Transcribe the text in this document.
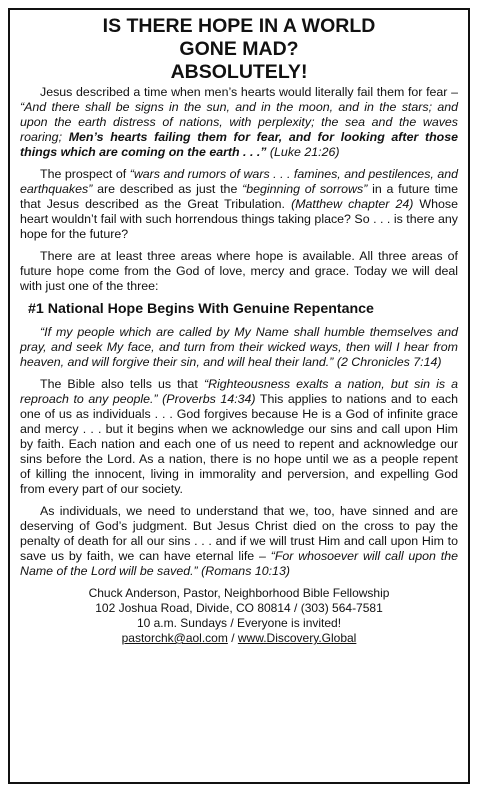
IS THERE HOPE IN A WORLD
GONE MAD?
ABSOLUTELY!

Jesus described a time when men’s hearts would literally fail them for fear – “And there shall be signs in the sun, and in the moon, and in the stars; and upon the earth distress of nations, with perplexity; the sea and the waves roaring; Men’s hearts failing them for fear, and for looking after those things which are coming on the earth . . .” (Luke 21:26)

The prospect of “wars and rumors of wars . . . famines, and pestilences, and earthquakes” are described as just the “beginning of sorrows” in a future time that Jesus described as the Great Tribulation. (Matthew chapter 24) Whose heart wouldn’t fail with such horrendous things taking place? So . . . is there any hope for the future?

There are at least three areas where hope is available. All three areas of future hope come from the God of love, mercy and grace. Today we will deal with just one of the three:

#1 National Hope Begins With Genuine Repentance

“If my people which are called by My Name shall humble themselves and pray, and seek My face, and turn from their wicked ways, then will I hear from heaven, and will forgive their sin, and will heal their land.” (2 Chronicles 7:14)

The Bible also tells us that “Righteousness exalts a nation, but sin is a reproach to any people.” (Proverbs 14:34) This applies to nations and to each one of us as individuals . . . God forgives because He is a God of infinite grace and mercy . . . but it begins when we acknowledge our sins and call upon Him by faith. Each nation and each one of us need to repent and acknowledge our sins before the Lord. As a nation, there is no hope until we as a people repent of killing the innocent, living in immorality and perversion, and expelling God from every part of our society.

As individuals, we need to understand that we, too, have sinned and are deserving of God’s judgment. But Jesus Christ died on the cross to pay the penalty of death for all our sins . . . and if we will trust Him and call upon Him to save us by faith, we can have eternal life – “For whosoever will call upon the Name of the Lord will be saved.” (Romans 10:13)

Chuck Anderson, Pastor, Neighborhood Bible Fellowship
102 Joshua Road, Divide, CO 80814 / (303) 564-7581
10 a.m. Sundays / Everyone is invited!
pastorchk@aol.com / www.Discovery.Global
